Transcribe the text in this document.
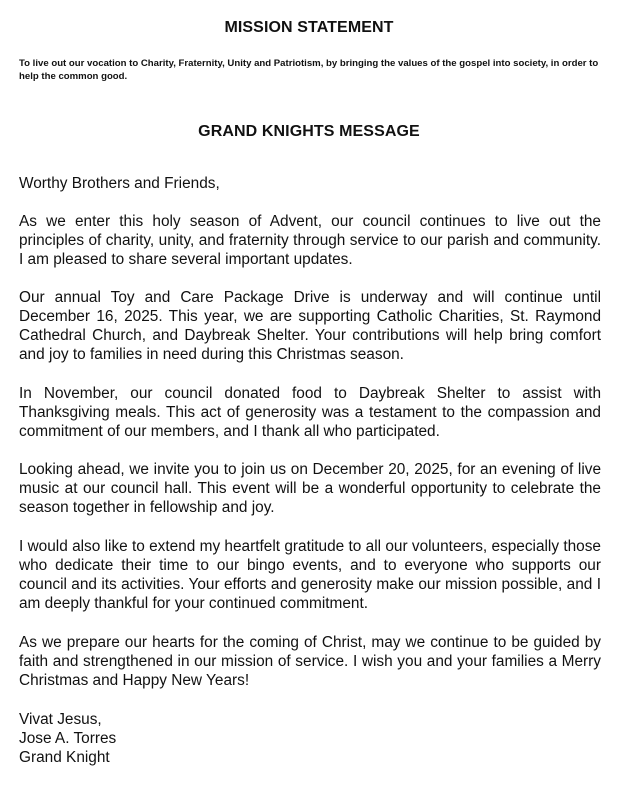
MISSION STATEMENT

To live out our vocation to Charity, Fraternity, Unity and Patriotism, by bringing the values of the gospel into society, in order to help the common good.

GRAND KNIGHTS MESSAGE

Worthy Brothers and Friends,

As we enter this holy season of Advent, our council continues to live out the principles of charity, unity, and fraternity through service to our parish and community. I am pleased to share several important updates.

Our annual Toy and Care Package Drive is underway and will continue until December 16, 2025. This year, we are supporting Catholic Charities, St. Raymond Cathedral Church, and Daybreak Shelter. Your contributions will help bring comfort and joy to families in need during this Christmas season.

In November, our council donated food to Daybreak Shelter to assist with Thanksgiving meals. This act of generosity was a testament to the compassion and commitment of our members, and I thank all who participated.

Looking ahead, we invite you to join us on December 20, 2025, for an evening of live music at our council hall. This event will be a wonderful opportunity to celebrate the season together in fellowship and joy.

I would also like to extend my heartfelt gratitude to all our volunteers, especially those who dedicate their time to our bingo events, and to everyone who supports our council and its activities. Your efforts and generosity make our mission possible, and I am deeply thankful for your continued commitment.

As we prepare our hearts for the coming of Christ, may we continue to be guided by faith and strengthened in our mission of service. I wish you and your families a Merry Christmas and Happy New Years!

Vivat Jesus,
Jose A. Torres
Grand Knight
